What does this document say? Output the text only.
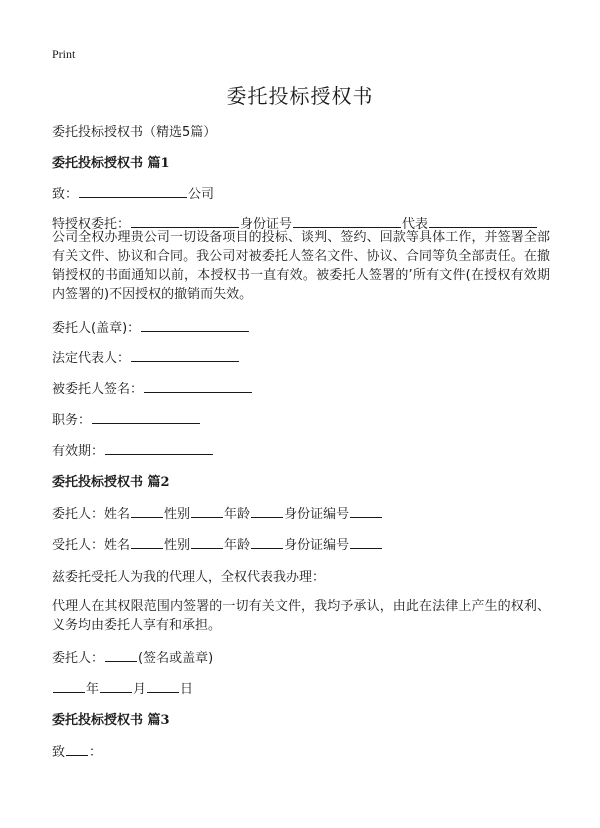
Print
委托投标授权书
委托投标授权书（精选5篇）
委托投标授权书 篇1
致：	公司
特授权委托：	身份证号	代表
公司全权办理贵公司一切设备项目的投标、谈判、签约、回款等具体工作，并签署全部有关文件、协议和合同。我公司对被委托人签名文件、协议、合同等负全部责任。在撤销授权的书面通知以前，本授权书一直有效。被委托人签署的’所有文件(在授权有效期内签署的)不因授权的撤销而失效。
委托人(盖章)：
法定代表人：
被委托人签名：
职务：
有效期：
委托投标授权书 篇2
委托人：姓名	性别	年龄	身份证编号
受托人：姓名	性别	年龄	身份证编号
兹委托受托人为我的代理人，全权代表我办理：
代理人在其权限范围内签署的一切有关文件，我均予承认，由此在法律上产生的权利、义务均由委托人享有和承担。
委托人：	(签名或盖章)
年	月	日
委托投标授权书 篇3
致 ：
